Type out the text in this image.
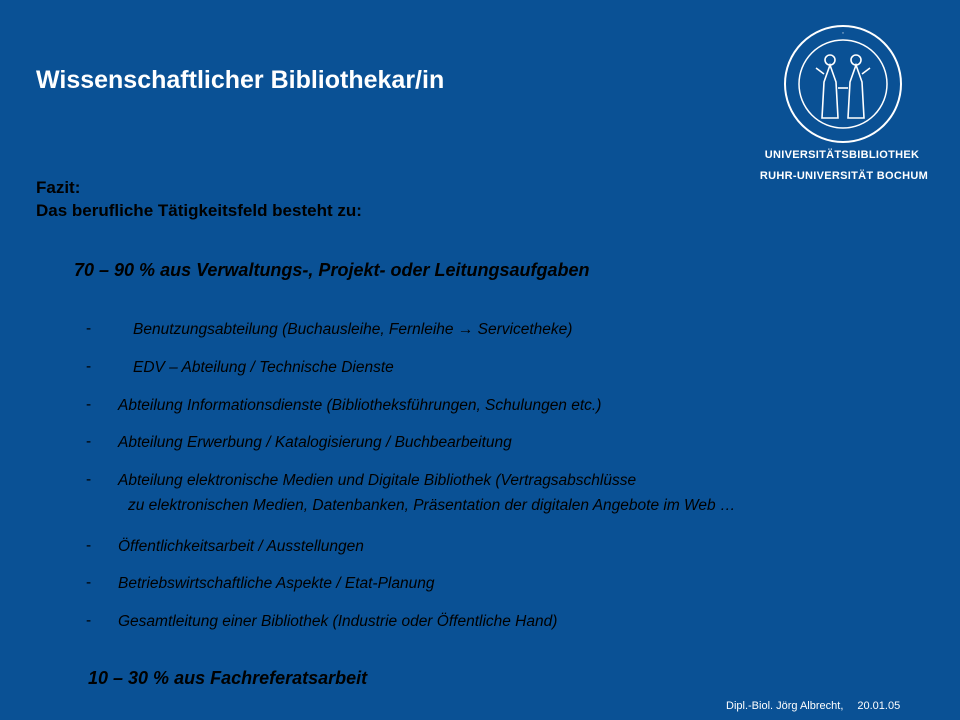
Wissenschaftlicher Bibliothekar/in
·
UNIVERSITÄTSBIBLIOTHEK
RUHR-UNIVERSITÄT BOCHUM
Fazit:
Das berufliche Tätigkeitsfeld besteht zu:
70 – 90 % aus Verwaltungs-, Projekt- oder Leitungsaufgaben
-	Benutzungsabteilung (Buchausleihe, Fernleihe → Servicetheke)
-	EDV – Abteilung / Technische Dienste
- Abteilung Informationsdienste (Bibliotheksführungen, Schulungen etc.)
- Abteilung Erwerbung / Katalogisierung / Buchbearbeitung
- Abteilung elektronische Medien und Digitale Bibliothek (Vertragsabschlüsse
zu elektronischen Medien, Datenbanken, Präsentation der digitalen Angebote im Web …
- Öffentlichkeitsarbeit / Ausstellungen
- Betriebswirtschaftliche Aspekte / Etat-Planung
- Gesamtleitung einer Bibliothek (Industrie oder Öffentliche Hand)
10 – 30 % aus Fachreferatsarbeit
Dipl.-Biol. Jörg Albrecht, 20.01.05
